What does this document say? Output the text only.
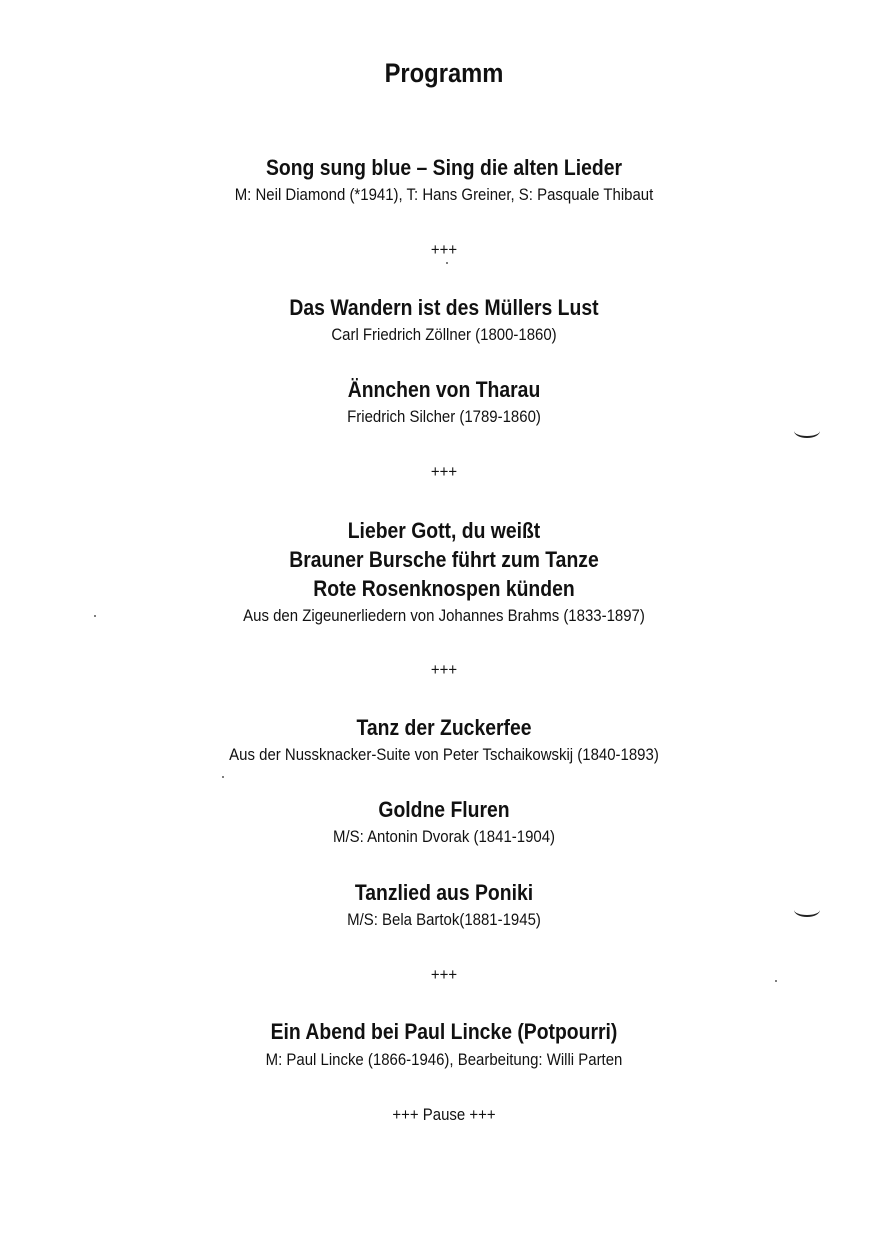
Programm
Song sung blue – Sing die alten Lieder
M: Neil Diamond (*1941), T: Hans Greiner, S: Pasquale Thibaut
+++
Das Wandern ist des Müllers Lust
Carl Friedrich Zöllner (1800-1860)
Ännchen von Tharau
Friedrich Silcher (1789-1860)
+++
Lieber Gott, du weißt
Brauner Bursche führt zum Tanze
Rote Rosenknospen künden
Aus den Zigeunerliedern von Johannes Brahms (1833-1897)
+++
Tanz der Zuckerfee
Aus der Nussknacker-Suite von Peter Tschaikowskij (1840-1893)
Goldne Fluren
M/S: Antonin Dvorak (1841-1904)
Tanzlied aus Poniki
M/S: Bela Bartok(1881-1945)
+++
Ein Abend bei Paul Lincke (Potpourri)
M: Paul Lincke (1866-1946), Bearbeitung: Willi Parten
+++ Pause +++
